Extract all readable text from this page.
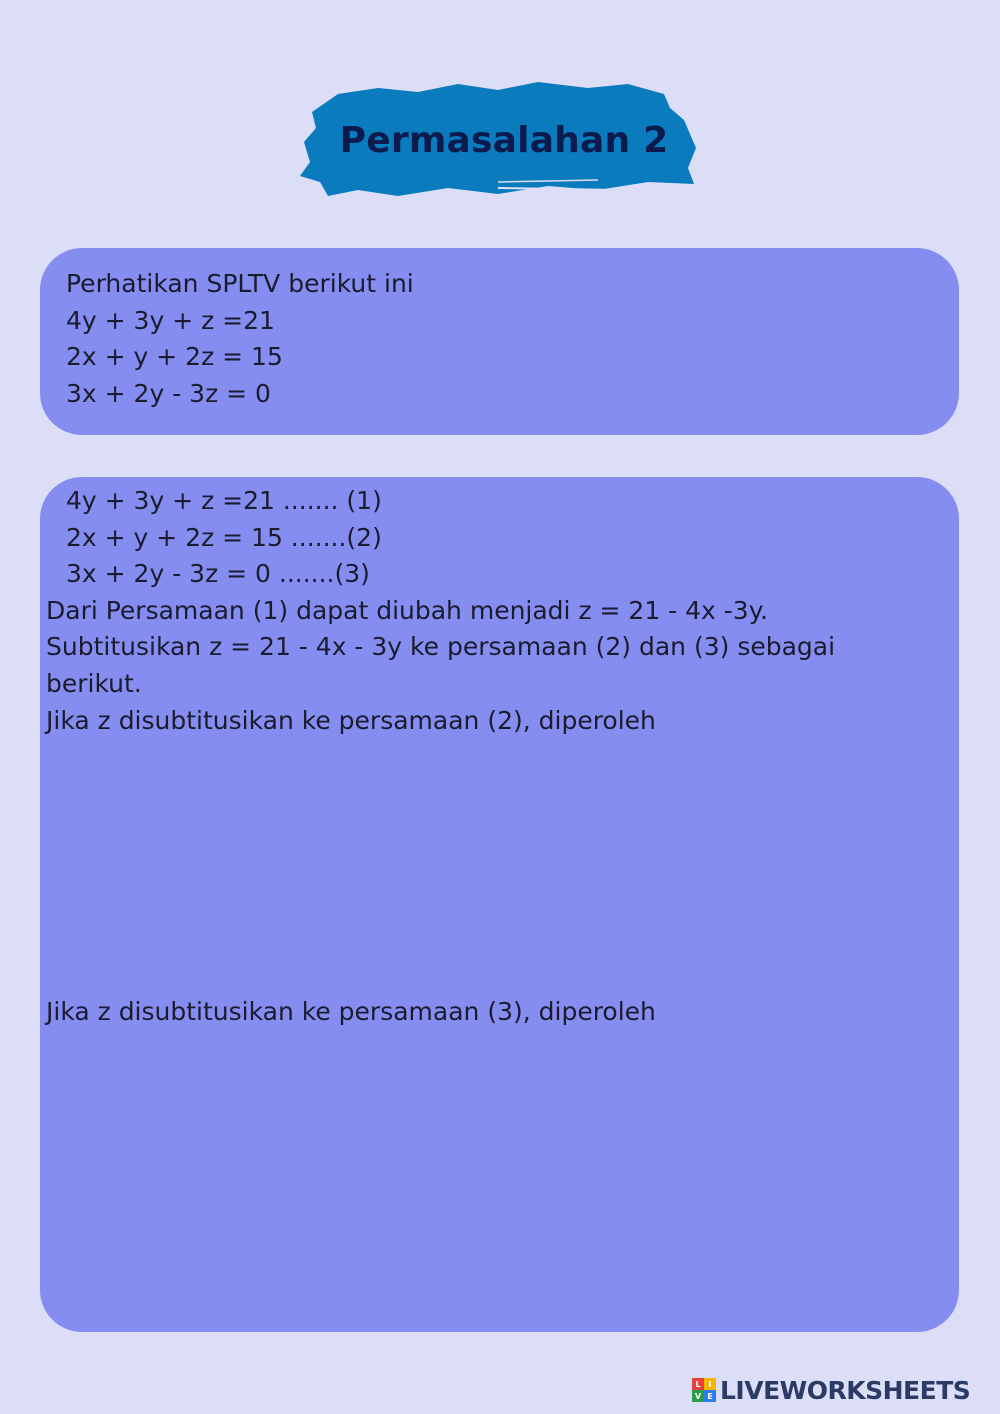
Permasalahan 2
Perhatikan SPLTV berikut ini
4y + 3y + z =21
2x + y + 2z = 15
3x + 2y - 3z = 0
4y + 3y + z =21 ....... (1)
2x + y + 2z = 15 .......(2)
3x + 2y - 3z = 0 .......(3)
Dari Persamaan (1) dapat diubah menjadi z = 21 - 4x -3y.
Subtitusikan z = 21 - 4x - 3y ke persamaan (2) dan (3) sebagai
berikut.
Jika z disubtitusikan ke persamaan (2), diperoleh
Jika z disubtitusikan ke persamaan (3), diperoleh
L I
V E LIVEWORKSHEETS
